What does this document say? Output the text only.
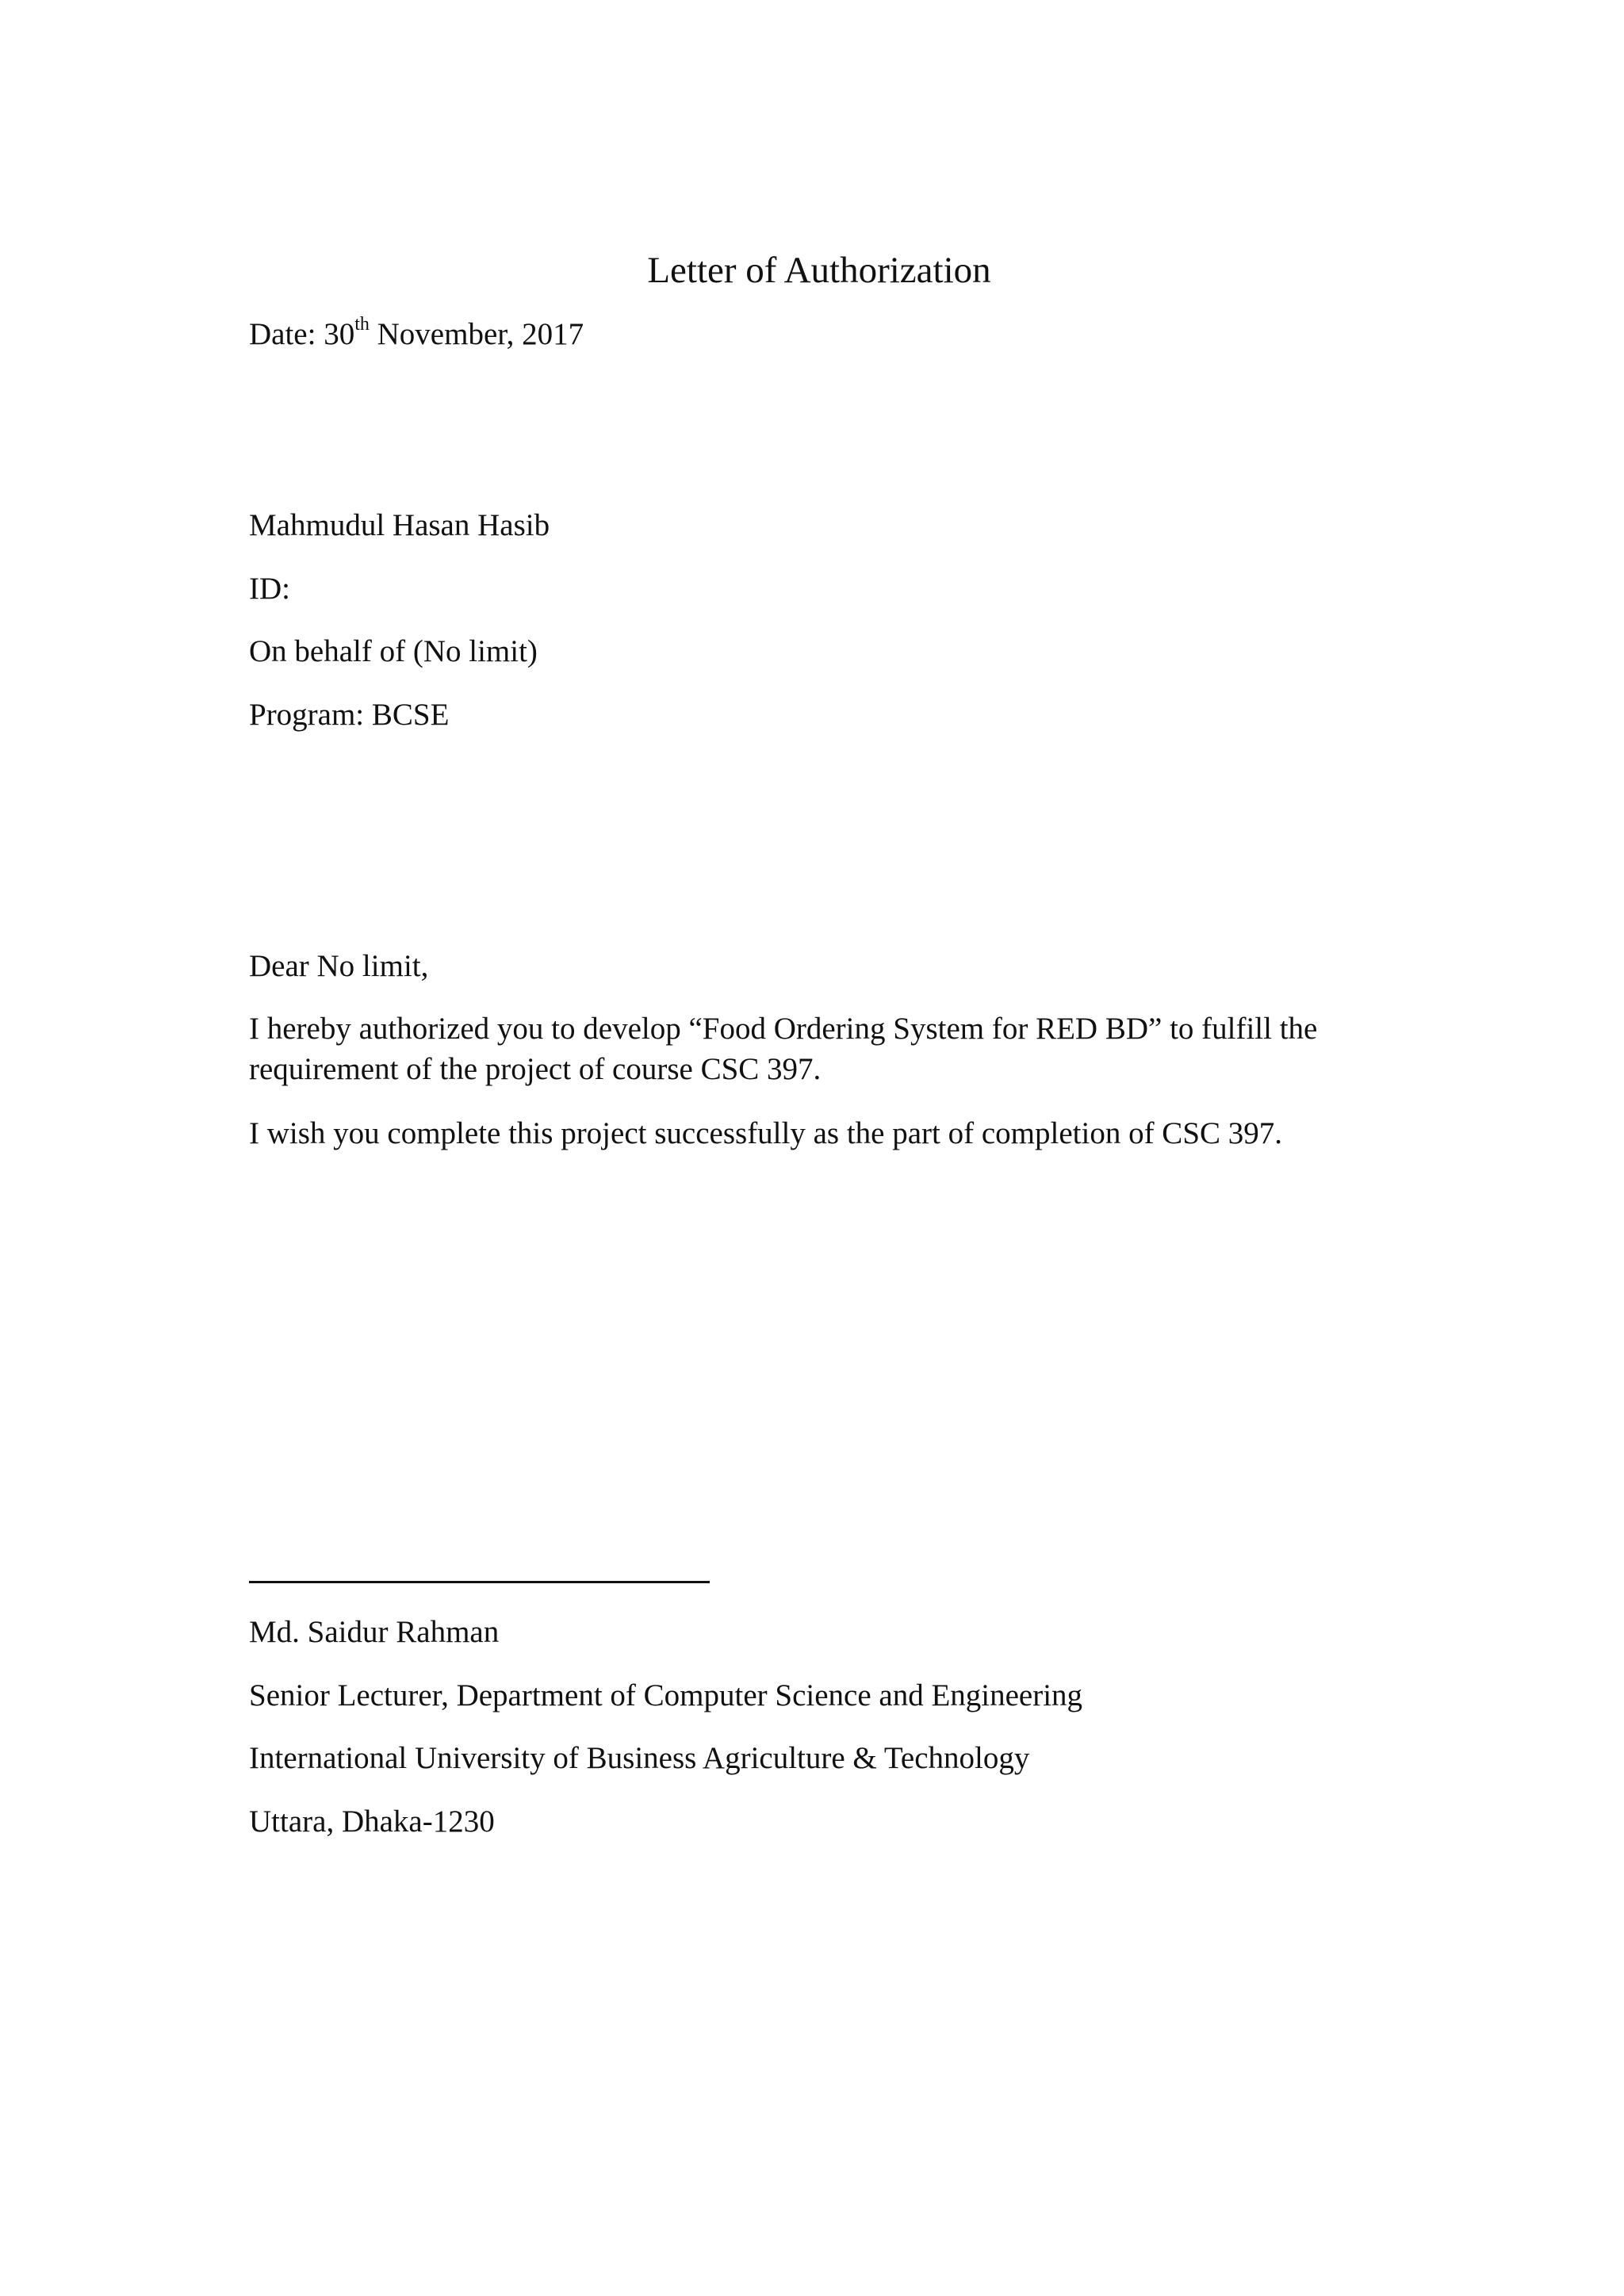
Letter of Authorization
Date: 30th November, 2017
Mahmudul Hasan Hasib
ID:
On behalf of (No limit)
Program: BCSE
Dear No limit,
I hereby authorized you to develop “Food Ordering System for RED BD” to fulfill the requirement of the project of course CSC 397.
I wish you complete this project successfully as the part of completion of CSC 397.
Md. Saidur Rahman
Senior Lecturer, Department of Computer Science and Engineering
International University of Business Agriculture & Technology
Uttara, Dhaka-1230
